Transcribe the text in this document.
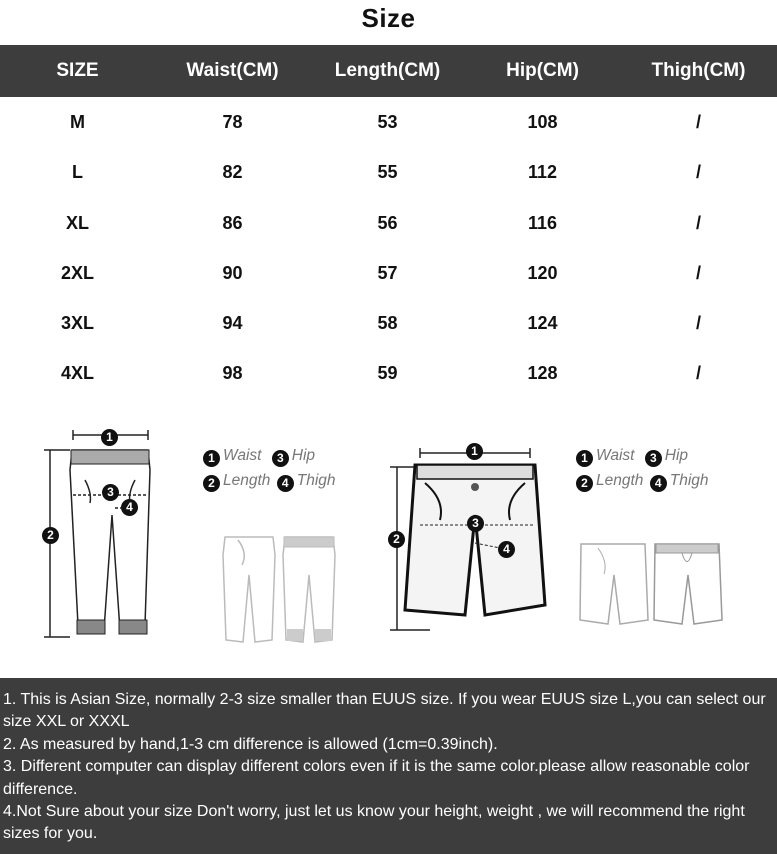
Size
SIZE	Waist(CM)	Length(CM)	Hip(CM)	Thigh(CM)
M	78	53	108	/
L	82	55	112	/
XL	86	56	116	/
2XL	90	57	120	/
3XL	94	58	124	/
4XL	98	59	128	/
1
2
3
4
1 Waist 3 Hip
2 Length 4 Thigh
1
2
3
4
1 Waist 3 Hip
2 Length 4 Thigh

1. This is Asian Size, normally 2-3 size smaller than EUUS size. If you wear EUUS size L,you can select our size XXL or XXXL

2. As measured by hand,1-3 cm difference is allowed (1cm=0.39inch).

3. Different computer can display different colors even if it is the same color.please allow reasonable color difference.

4.Not Sure about your size Don't worry, just let us know your height, weight , we will recommend the right sizes for you.
